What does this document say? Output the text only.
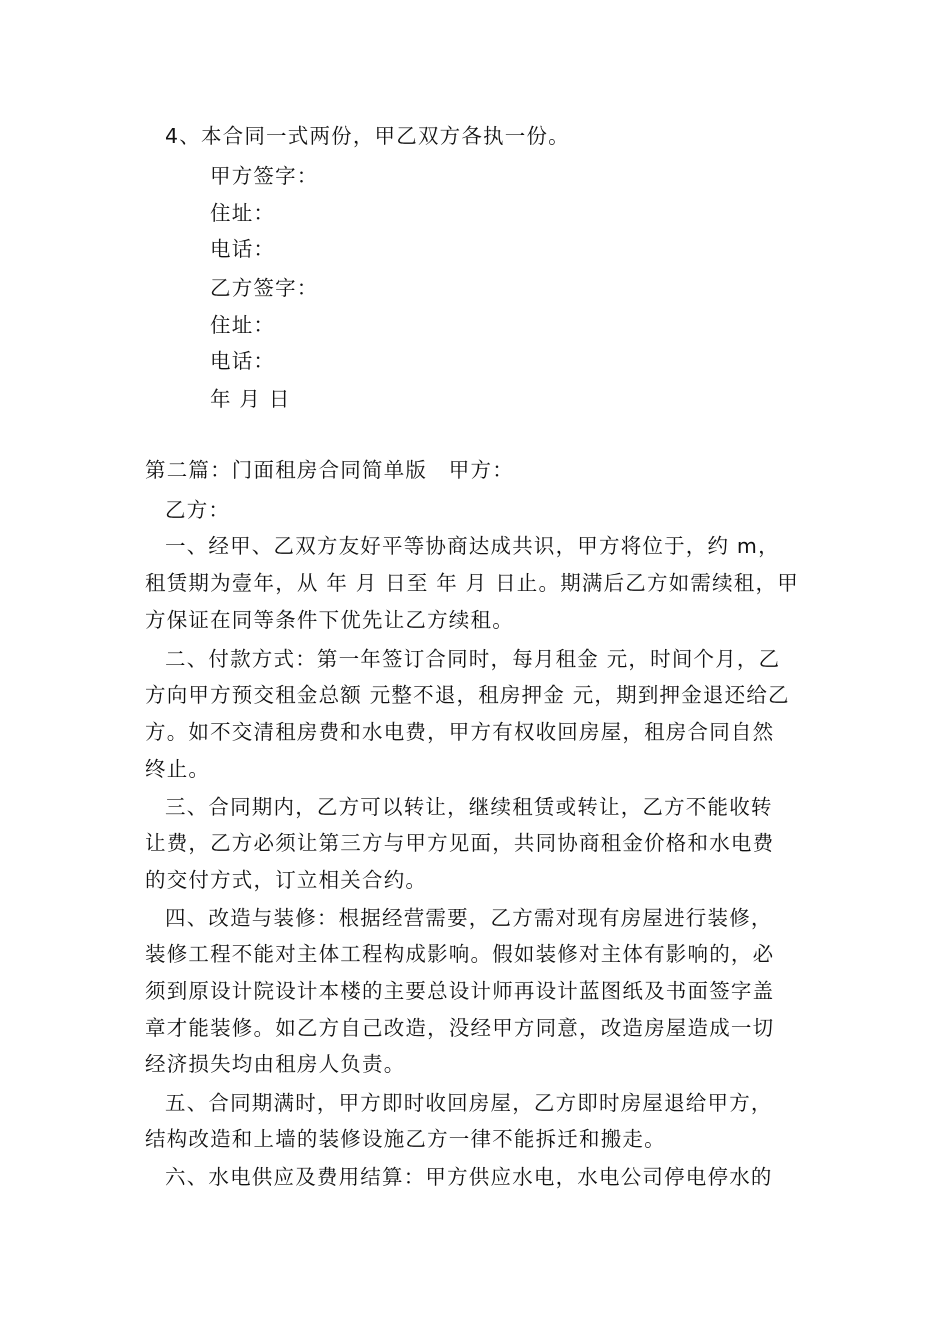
4、本合同一式两份，甲乙双方各执一份。
甲方签字：
住址：
电话：
乙方签字：
住址：
电话：
年 月 日
第二篇：门面租房合同简单版　甲方：
乙方：
一、经甲、乙双方友好平等协商达成共识，甲方将位于，约 m，
租赁期为壹年，从 年 月 日至 年 月 日止。期满后乙方如需续租，甲
方保证在同等条件下优先让乙方续租。
二、付款方式：第一年签订合同时，每月租金 元，时间个月，乙
方向甲方预交租金总额 元整不退，租房押金 元，期到押金退还给乙
方。如不交清租房费和水电费，甲方有权收回房屋，租房合同自然
终止。
三、合同期内，乙方可以转让，继续租赁或转让，乙方不能收转
让费，乙方必须让第三方与甲方见面，共同协商租金价格和水电费
的交付方式，订立相关合约。
四、改造与装修：根据经营需要，乙方需对现有房屋进行装修，
装修工程不能对主体工程构成影响。假如装修对主体有影响的，必
须到原设计院设计本楼的主要总设计师再设计蓝图纸及书面签字盖
章才能装修。如乙方自己改造，没经甲方同意，改造房屋造成一切
经济损失均由租房人负责。
五、合同期满时，甲方即时收回房屋，乙方即时房屋退给甲方，
结构改造和上墙的装修设施乙方一律不能拆迁和搬走。
六、水电供应及费用结算：甲方供应水电，水电公司停电停水的
